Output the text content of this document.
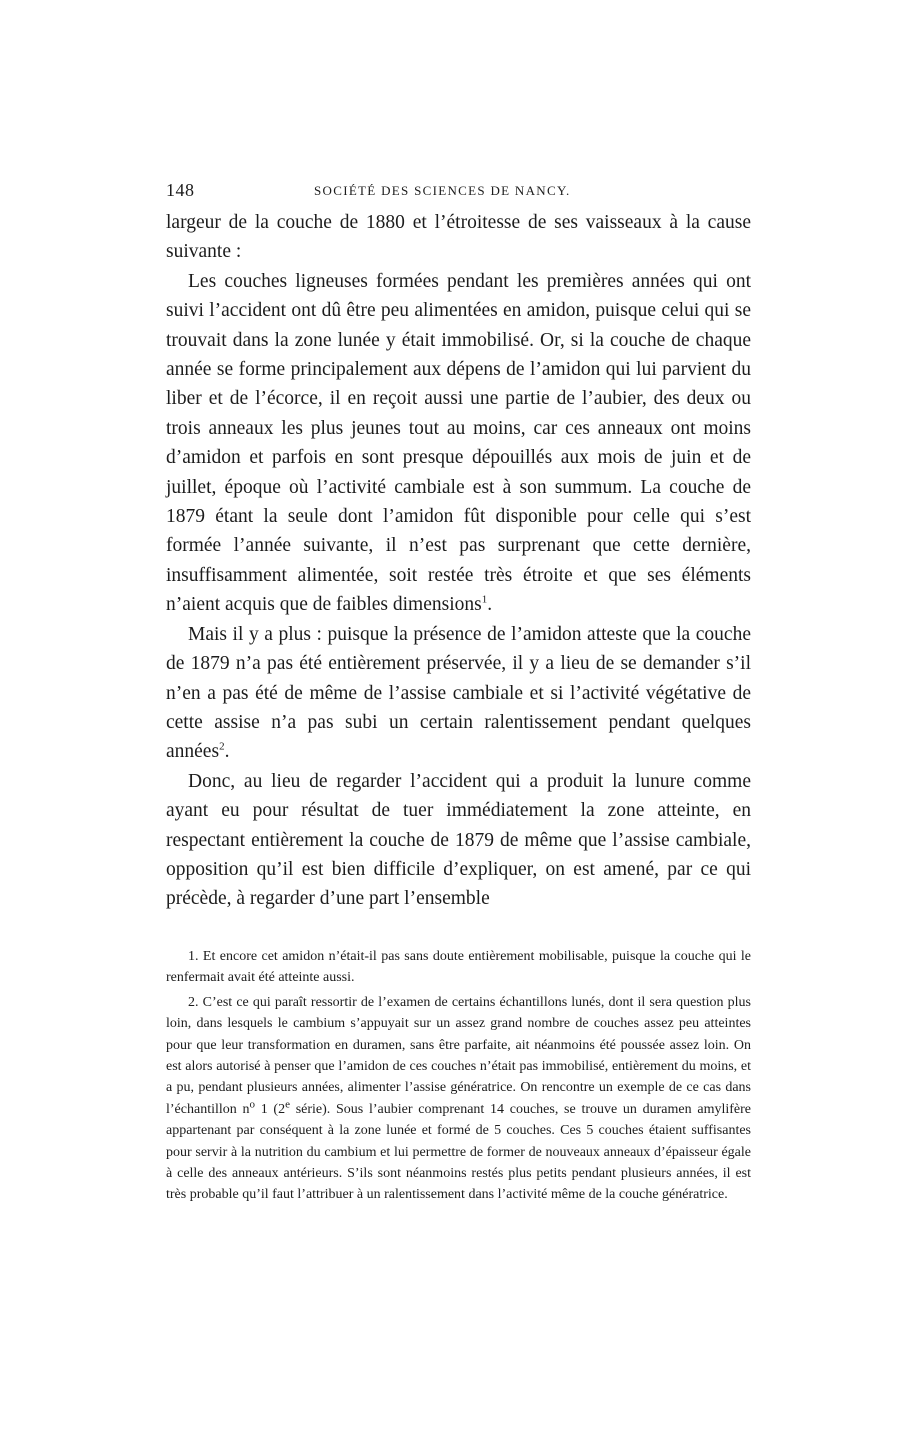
148	SOCIÉTÉ DES SCIENCES DE NANCY.

largeur de la couche de 1880 et l’étroitesse de ses vaisseaux à la cause suivante :

Les couches ligneuses formées pendant les premières années qui ont suivi l’accident ont dû être peu alimentées en amidon, puisque celui qui se trouvait dans la zone lunée y était immobilisé. Or, si la couche de chaque année se forme principalement aux dépens de l’amidon qui lui parvient du liber et de l’écorce, il en reçoit aussi une partie de l’aubier, des deux ou trois anneaux les plus jeunes tout au moins, car ces anneaux ont moins d’amidon et parfois en sont presque dépouillés aux mois de juin et de juillet, époque où l’activité cambiale est à son summum. La couche de 1879 étant la seule dont l’amidon fût disponible pour celle qui s’est formée l’année suivante, il n’est pas surprenant que cette dernière, insuffisamment alimentée, soit restée très étroite et que ses éléments n’aient acquis que de faibles dimensions$^1$.

Mais il y a plus : puisque la présence de l’amidon atteste que la couche de 1879 n’a pas été entièrement préservée, il y a lieu de se demander s’il n’en a pas été de même de l’assise cambiale et si l’activité végétative de cette assise n’a pas subi un certain ralentissement pendant quelques années$^2$.

Donc, au lieu de regarder l’accident qui a produit la lunure comme ayant eu pour résultat de tuer immédiatement la zone atteinte, en respectant entièrement la couche de 1879 de même que l’assise cambiale, opposition qu’il est bien difficile d’expliquer, on est amené, par ce qui précède, à regarder d’une part l’ensemble

1. Et encore cet amidon n’était-il pas sans doute entièrement mobilisable, puisque la couche qui le renfermait avait été atteinte aussi.

2. C’est ce qui paraît ressortir de l’examen de certains échantillons lunés, dont il sera question plus loin, dans lesquels le cambium s’appuyait sur un assez grand nombre de couches assez peu atteintes pour que leur transformation en duramen, sans être parfaite, ait néanmoins été poussée assez loin. On est alors autorisé à penser que l’amidon de ces couches n’était pas immobilisé, entièrement du moins, et a pu, pendant plusieurs années, alimenter l’assise génératrice. On rencontre un exemple de ce cas dans l’échantillon $n^o$ 1 (2e série). Sous l’aubier comprenant 14 couches, se trouve un duramen amylifère appartenant par conséquent à la zone lunée et formé de 5 couches. Ces 5 couches étaient suffisantes pour servir à la nutrition du cambium et lui permettre de former de nouveaux anneaux d’épaisseur égale à celle des anneaux antérieurs. S’ils sont néanmoins restés plus petits pendant plusieurs années, il est très probable qu’il faut l’attribuer à un ralentissement dans l’activité même de la couche génératrice.
